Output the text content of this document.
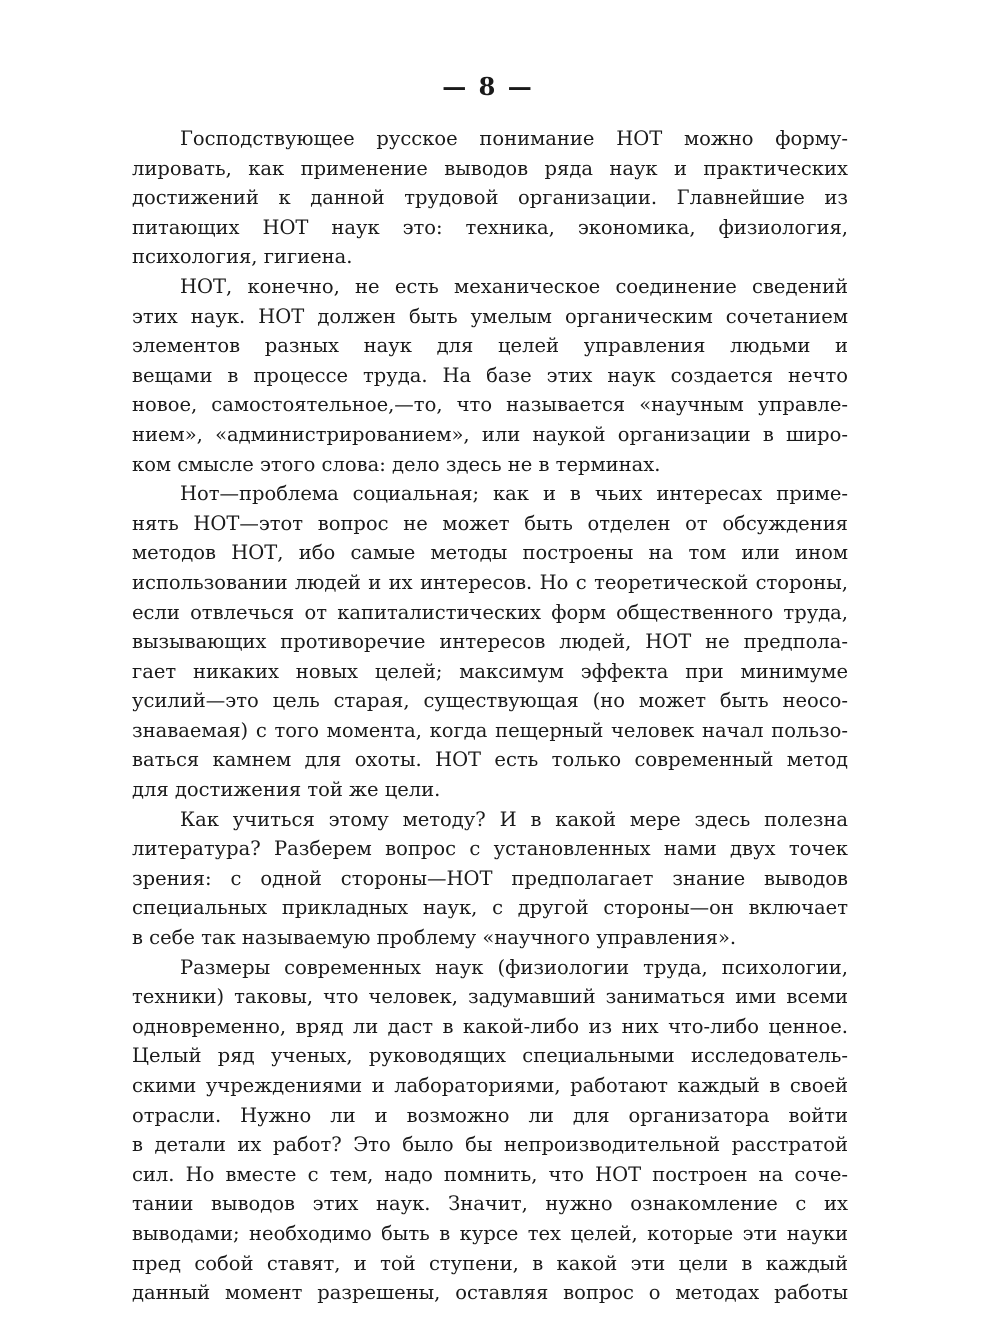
— 8 —
Господствующее русское понимание НОТ можно форму-
лировать, как применение выводов ряда наук и практических
достижений к данной трудовой организации. Главнейшие из
питающих НОТ наук это: техника, экономика, физиология,
психология, гигиена.
НОТ, конечно, не есть механическое соединение сведений
этих наук. НОТ должен быть умелым органическим сочетанием
элементов разных наук для целей управления людьми и
вещами в процессе труда. На базе этих наук создается нечто
новое, самостоятельное,—то, что называется «научным управле-
нием», «администрированием», или наукой организации в широ-
ком смысле этого слова: дело здесь не в терминах.
Нот—проблема социальная; как и в чьих интересах приме-
нять НОТ—этот вопрос не может быть отделен от обсуждения
методов НОТ, ибо самые методы построены на том или ином
использовании людей и их интересов. Но с теоретической стороны,
если отвлечься от капиталистических форм общественного труда,
вызывающих противоречие интересов людей, НОТ не предпола-
гает никаких новых целей; максимум эффекта при минимуме
усилий—это цель старая, существующая (но может быть неосо-
знаваемая) с того момента, когда пещерный человек начал пользо-
ваться камнем для охоты. НОТ есть только современный метод
для достижения той же цели.
Как учиться этому методу? И в какой мере здесь полезна
литература? Разберем вопрос с установленных нами двух точек
зрения: с одной стороны—НОТ предполагает знание выводов
специальных прикладных наук, с другой стороны—он включает
в себе так называемую проблему «научного управления».
Размеры современных наук (физиологии труда, психологии,
техники) таковы, что человек, задумавший заниматься ими всеми
одновременно, вряд ли даст в какой-либо из них что-либо ценное.
Целый ряд ученых, руководящих специальными исследователь-
скими учреждениями и лабораториями, работают каждый в своей
отрасли. Нужно ли и возможно ли для организатора войти
в детали их работ? Это было бы непроизводительной расстратой
сил. Но вместе с тем, надо помнить, что НОТ построен на соче-
тании выводов этих наук. Значит, нужно ознакомление с их
выводами; необходимо быть в курсе тех целей, которые эти науки
пред собой ставят, и той ступени, в какой эти цели в каждый
данный момент разрешены, оставляя вопрос о методах работы
